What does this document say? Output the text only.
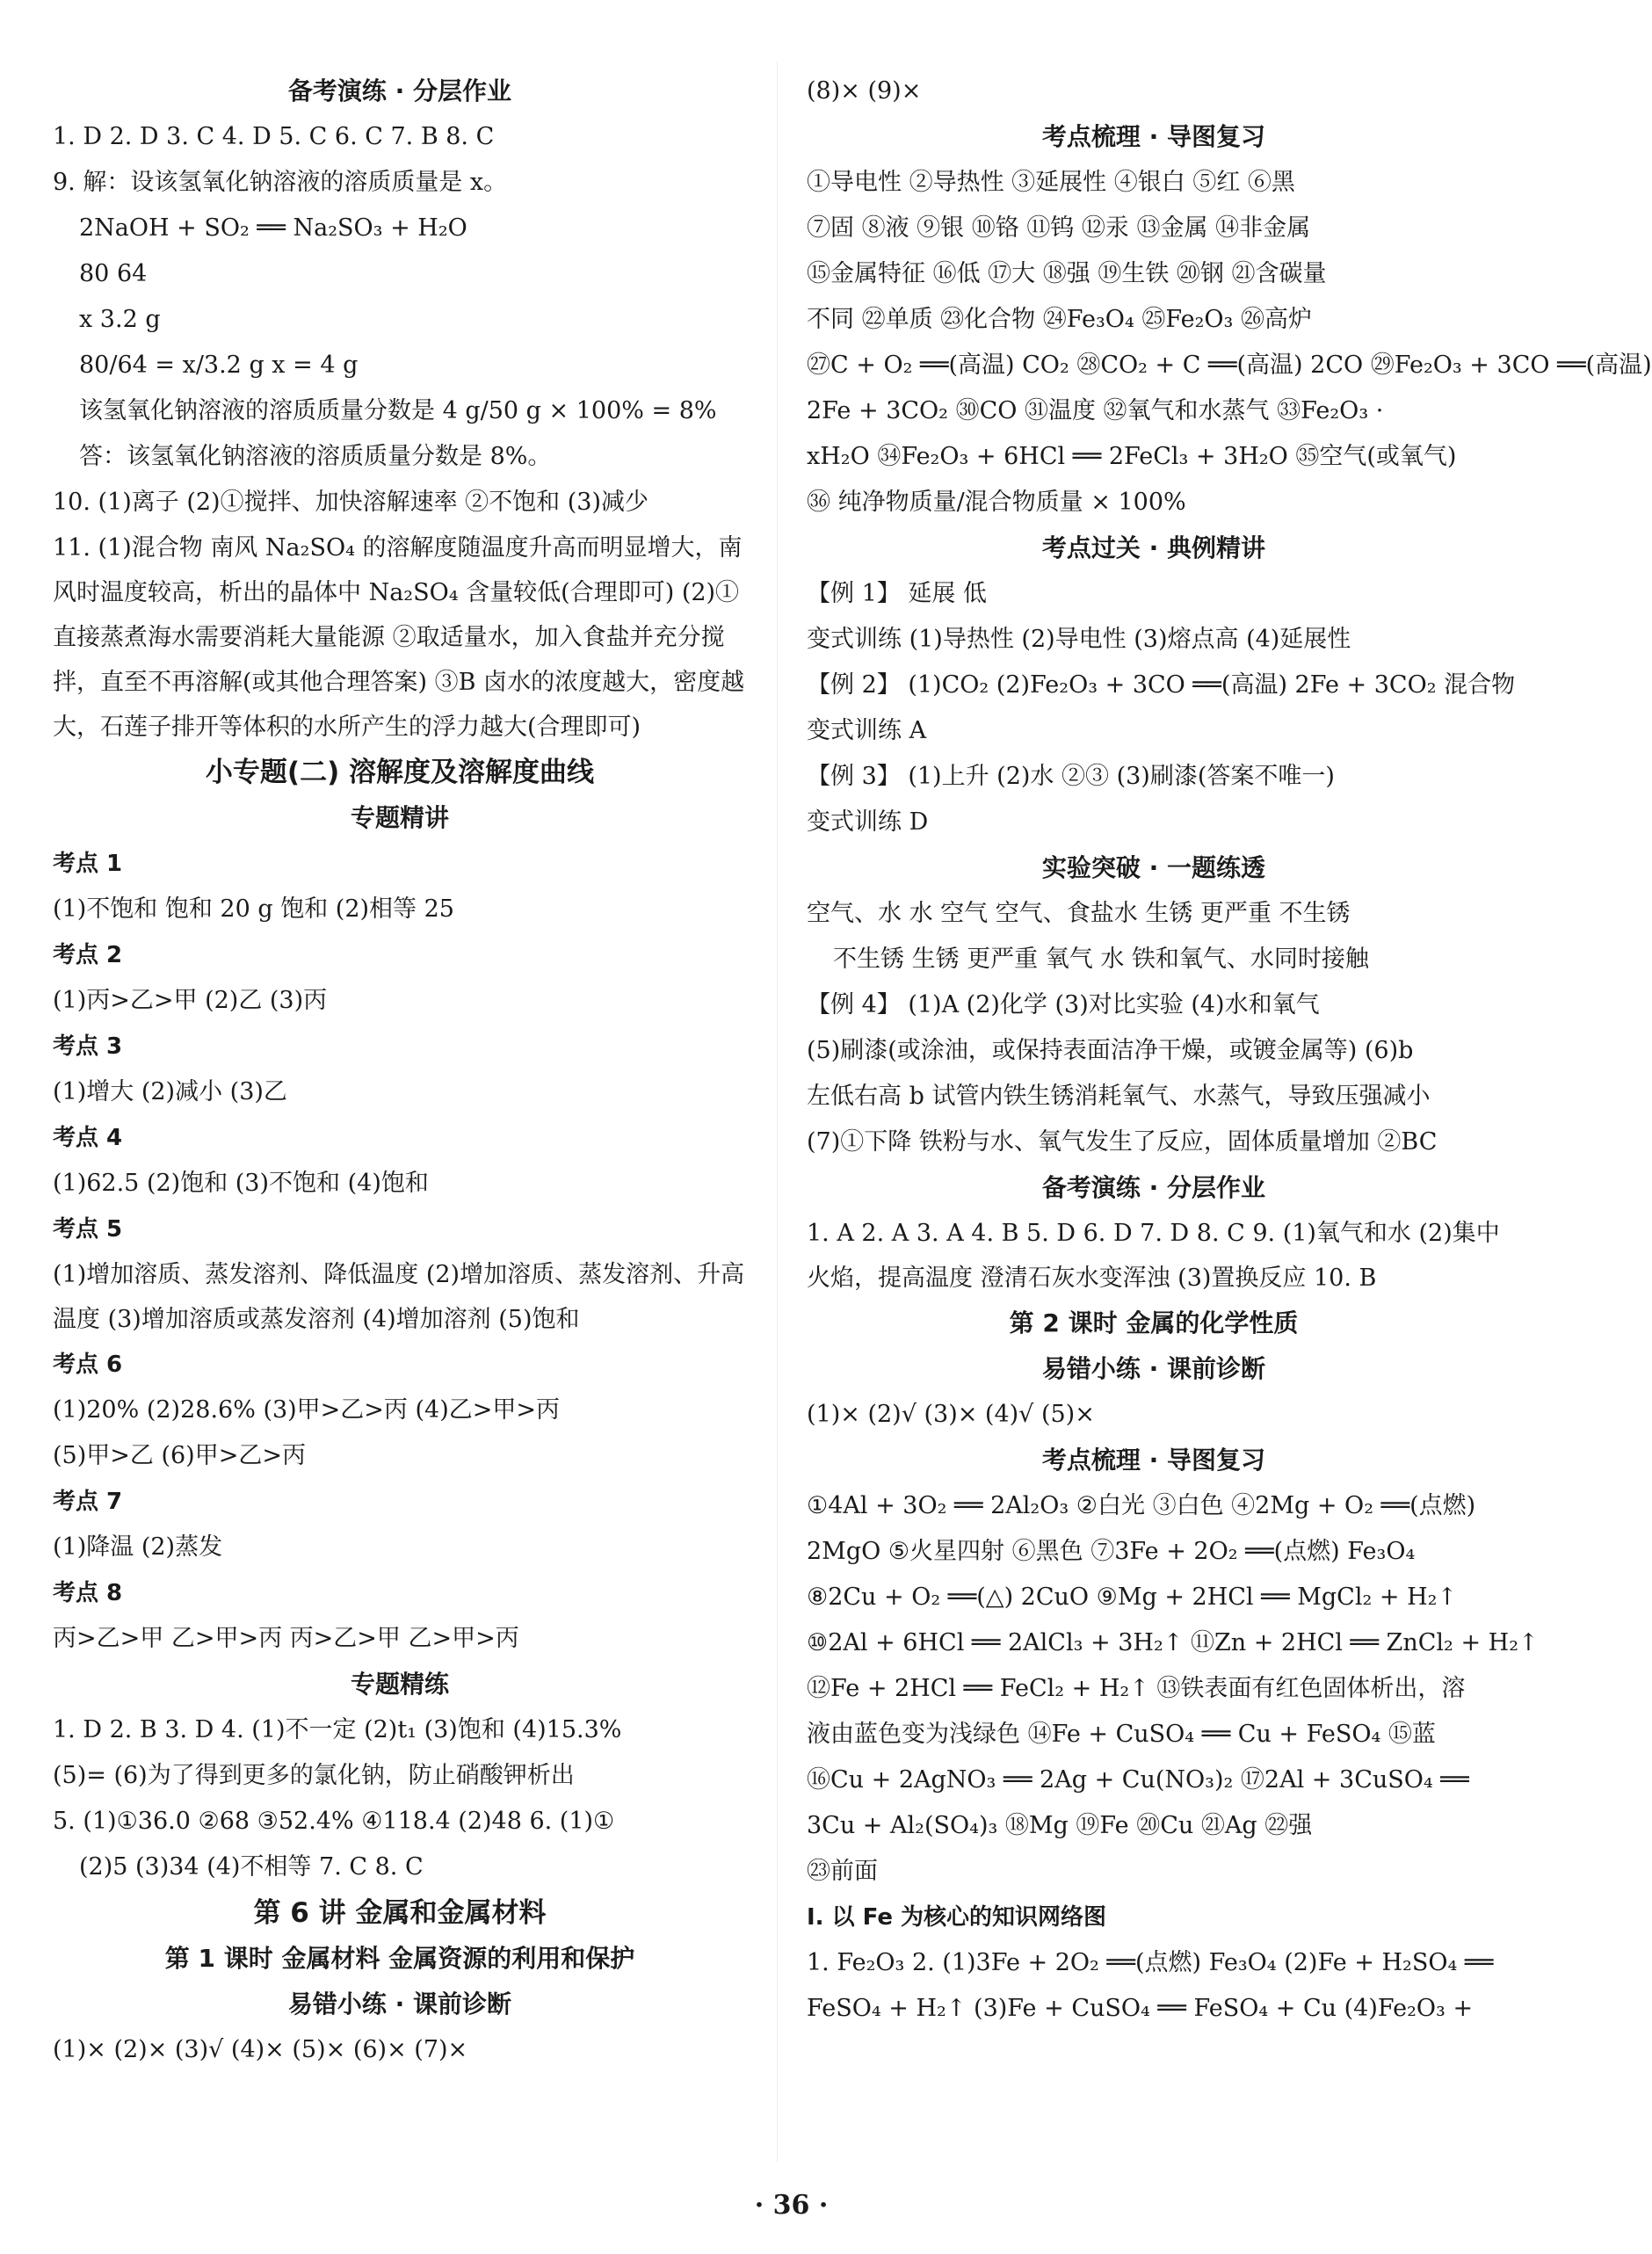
备考演练 · 分层作业
1. D 2. D 3. C 4. D 5. C 6. C 7. B 8. C
9. 解：设该氢氧化钠溶液的溶质质量是 x。
2NaOH + SO₂ ══ Na₂SO₃ + H₂O
80 64
x 3.2 g
80/64 = x/3.2 g x = 4 g
该氢氧化钠溶液的溶质质量分数是 4 g/50 g × 100% = 8%
答：该氢氧化钠溶液的溶质质量分数是 8%。
10. (1)离子 (2)①搅拌、加快溶解速率 ②不饱和 (3)减少
11. (1)混合物 南风 Na₂SO₄ 的溶解度随温度升高而明显增大，南风时温度较高，析出的晶体中 Na₂SO₄ 含量较低(合理即可) (2)①直接蒸煮海水需要消耗大量能源 ②取适量水，加入食盐并充分搅拌，直至不再溶解(或其他合理答案) ③B 卤水的浓度越大，密度越大，石莲子排开等体积的水所产生的浮力越大(合理即可)
小专题(二) 溶解度及溶解度曲线
专题精讲
考点 1
(1)不饱和 饱和 20 g 饱和 (2)相等 25
考点 2
(1)丙>乙>甲 (2)乙 (3)丙
考点 3
(1)增大 (2)减小 (3)乙
考点 4
(1)62.5 (2)饱和 (3)不饱和 (4)饱和
考点 5
(1)增加溶质、蒸发溶剂、降低温度 (2)增加溶质、蒸发溶剂、升高温度 (3)增加溶质或蒸发溶剂 (4)增加溶剂 (5)饱和
考点 6
(1)20% (2)28.6% (3)甲>乙>丙 (4)乙>甲>丙
(5)甲>乙 (6)甲>乙>丙
考点 7
(1)降温 (2)蒸发
考点 8
丙>乙>甲 乙>甲>丙 丙>乙>甲 乙>甲>丙
专题精练
1. D 2. B 3. D 4. (1)不一定 (2)t₁ (3)饱和 (4)15.3%
(5)= (6)为了得到更多的氯化钠，防止硝酸钾析出
5. (1)①36.0 ②68 ③52.4% ④118.4 (2)48 6. (1)①
(2)5 (3)34 (4)不相等 7. C 8. C
第 6 讲 金属和金属材料
第 1 课时 金属材料 金属资源的利用和保护
易错小练 · 课前诊断
(1)× (2)× (3)√ (4)× (5)× (6)× (7)×
(8)× (9)×
考点梳理 · 导图复习
①导电性 ②导热性 ③延展性 ④银白 ⑤红 ⑥黑
⑦固 ⑧液 ⑨银 ⑩铬 ⑪钨 ⑫汞 ⑬金属 ⑭非金属
⑮金属特征 ⑯低 ⑰大 ⑱强 ⑲生铁 ⑳钢 ㉑含碳量
不同 ㉒单质 ㉓化合物 ㉔Fe₃O₄ ㉕Fe₂O₃ ㉖高炉
㉗C + O₂ ══(高温) CO₂ ㉘CO₂ + C ══(高温) 2CO ㉙Fe₂O₃ + 3CO ══(高温)
2Fe + 3CO₂ ㉚CO ㉛温度 ㉜氧气和水蒸气 ㉝Fe₂O₃ ·
xH₂O ㉞Fe₂O₃ + 6HCl ══ 2FeCl₃ + 3H₂O ㉟空气(或氧气)
㊱ 纯净物质量/混合物质量 × 100%
考点过关 · 典例精讲
【例 1】 延展 低
变式训练 (1)导热性 (2)导电性 (3)熔点高 (4)延展性
【例 2】 (1)CO₂ (2)Fe₂O₃ + 3CO ══(高温) 2Fe + 3CO₂ 混合物
变式训练 A
【例 3】 (1)上升 (2)水 ②③ (3)刷漆(答案不唯一)
变式训练 D
实验突破 · 一题练透
空气、水 水 空气 空气、食盐水 生锈 更严重 不生锈
不生锈 生锈 更严重 氧气 水 铁和氧气、水同时接触
【例 4】 (1)A (2)化学 (3)对比实验 (4)水和氧气
(5)刷漆(或涂油，或保持表面洁净干燥，或镀金属等) (6)b
左低右高 b 试管内铁生锈消耗氧气、水蒸气，导致压强减小
(7)①下降 铁粉与水、氧气发生了反应，固体质量增加 ②BC
备考演练 · 分层作业
1. A 2. A 3. A 4. B 5. D 6. D 7. D 8. C 9. (1)氧气和水 (2)集中火焰，提高温度 澄清石灰水变浑浊 (3)置换反应 10. B
第 2 课时 金属的化学性质
易错小练 · 课前诊断
(1)× (2)√ (3)× (4)√ (5)×
考点梳理 · 导图复习
①4Al + 3O₂ ══ 2Al₂O₃ ②白光 ③白色 ④2Mg + O₂ ══(点燃)
2MgO ⑤火星四射 ⑥黑色 ⑦3Fe + 2O₂ ══(点燃) Fe₃O₄
⑧2Cu + O₂ ══(△) 2CuO ⑨Mg + 2HCl ══ MgCl₂ + H₂↑
⑩2Al + 6HCl ══ 2AlCl₃ + 3H₂↑ ⑪Zn + 2HCl ══ ZnCl₂ + H₂↑
⑫Fe + 2HCl ══ FeCl₂ + H₂↑ ⑬铁表面有红色固体析出，溶
液由蓝色变为浅绿色 ⑭Fe + CuSO₄ ══ Cu + FeSO₄ ⑮蓝
⑯Cu + 2AgNO₃ ══ 2Ag + Cu(NO₃)₂ ⑰2Al + 3CuSO₄ ══
3Cu + Al₂(SO₄)₃ ⑱Mg ⑲Fe ⑳Cu ㉑Ag ㉒强
㉓前面
Ⅰ. 以 Fe 为核心的知识网络图
1. Fe₂O₃ 2. (1)3Fe + 2O₂ ══(点燃) Fe₃O₄ (2)Fe + H₂SO₄ ══
FeSO₄ + H₂↑ (3)Fe + CuSO₄ ══ FeSO₄ + Cu (4)Fe₂O₃ +
· 36 ·
